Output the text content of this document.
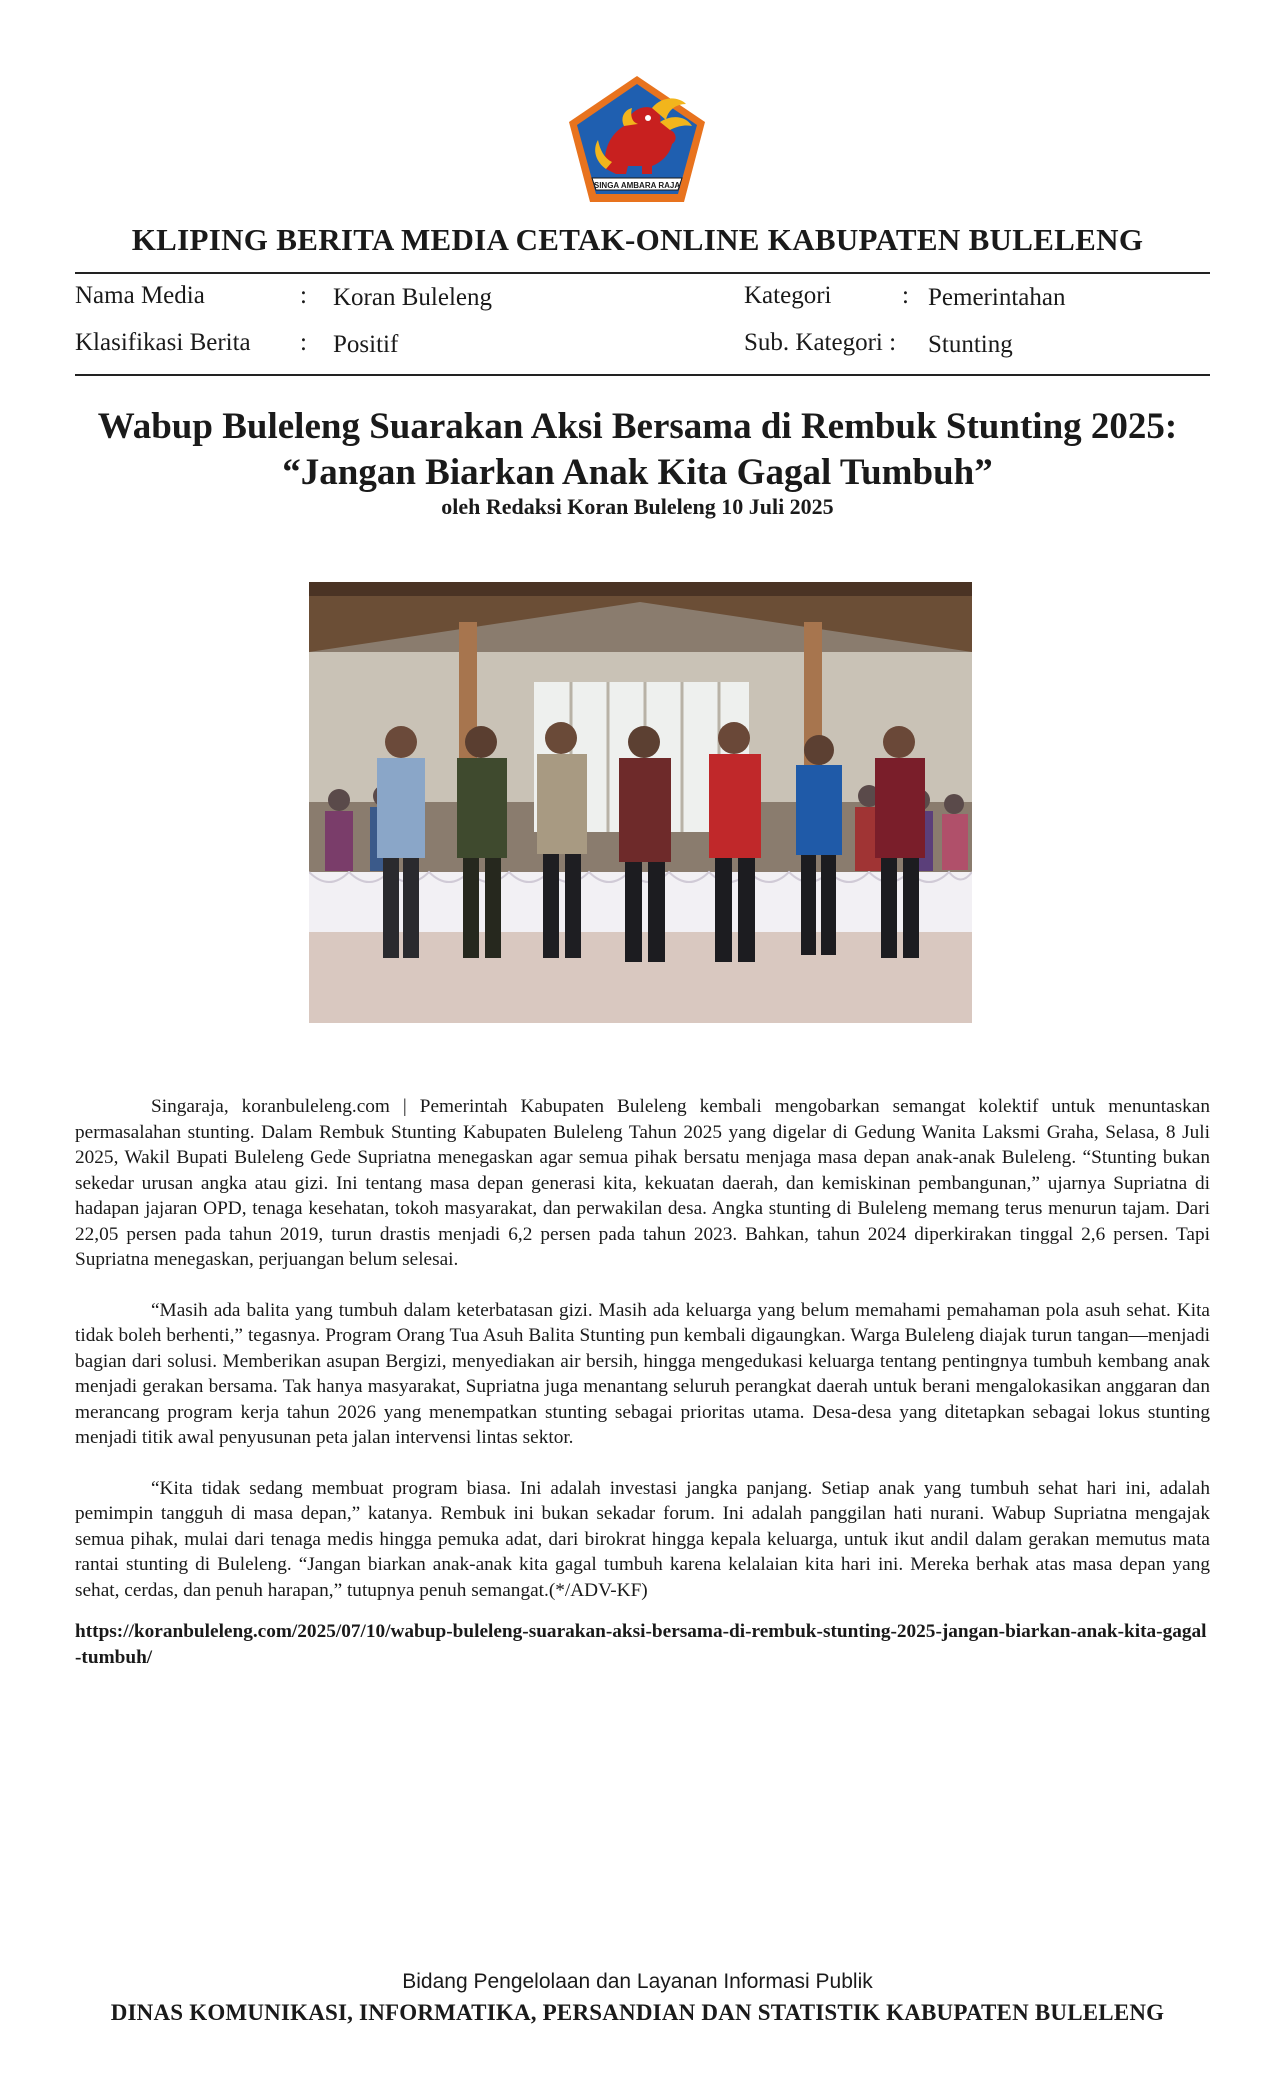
SINGA AMBARA RAJA
KLIPING BERITA MEDIA CETAK-ONLINE KABUPATEN BULELENG
Nama Media	: Koran Buleleng	Kategori	: Pemerintahan
Klasifikasi Berita : Positif	Sub. Kategori : Stunting
Wabup Buleleng Suarakan Aksi Bersama di Rembuk Stunting 2025:
“Jangan Biarkan Anak Kita Gagal Tumbuh”
oleh Redaksi Koran Buleleng 10 Juli 2025

Singaraja, koranbuleleng.com | Pemerintah Kabupaten Buleleng kembali mengobarkan semangat kolektif untuk menuntaskan permasalahan stunting. Dalam Rembuk Stunting Kabupaten Buleleng Tahun 2025 yang digelar di Gedung Wanita Laksmi Graha, Selasa, 8 Juli 2025, Wakil Bupati Buleleng Gede Supriatna menegaskan agar semua pihak bersatu menjaga masa depan anak-anak Buleleng. “Stunting bukan sekedar urusan angka atau gizi. Ini tentang masa depan generasi kita, kekuatan daerah, dan kemiskinan pembangunan,” ujarnya Supriatna di hadapan jajaran OPD, tenaga kesehatan, tokoh masyarakat, dan perwakilan desa. Angka stunting di Buleleng memang terus menurun tajam. Dari 22,05 persen pada tahun 2019, turun drastis menjadi 6,2 persen pada tahun 2023. Bahkan, tahun 2024 diperkirakan tinggal 2,6 persen. Tapi Supriatna menegaskan, perjuangan belum selesai.

“Masih ada balita yang tumbuh dalam keterbatasan gizi. Masih ada keluarga yang belum memahami pemahaman pola asuh sehat. Kita tidak boleh berhenti,” tegasnya. Program Orang Tua Asuh Balita Stunting pun kembali digaungkan. Warga Buleleng diajak turun tangan—menjadi bagian dari solusi. Memberikan asupan Bergizi, menyediakan air bersih, hingga mengedukasi keluarga tentang pentingnya tumbuh kembang anak menjadi gerakan bersama. Tak hanya masyarakat, Supriatna juga menantang seluruh perangkat daerah untuk berani mengalokasikan anggaran dan merancang program kerja tahun 2026 yang menempatkan stunting sebagai prioritas utama. Desa-desa yang ditetapkan sebagai lokus stunting menjadi titik awal penyusunan peta jalan intervensi lintas sektor.

“Kita tidak sedang membuat program biasa. Ini adalah investasi jangka panjang. Setiap anak yang tumbuh sehat hari ini, adalah pemimpin tangguh di masa depan,” katanya. Rembuk ini bukan sekadar forum. Ini adalah panggilan hati nurani. Wabup Supriatna mengajak semua pihak, mulai dari tenaga medis hingga pemuka adat, dari birokrat hingga kepala keluarga, untuk ikut andil dalam gerakan memutus mata rantai stunting di Buleleng. “Jangan biarkan anak-anak kita gagal tumbuh karena kelalaian kita hari ini. Mereka berhak atas masa depan yang sehat, cerdas, dan penuh harapan,” tutupnya penuh semangat.(*/ADV-KF)

https://koranbuleleng.com/2025/07/10/wabup-buleleng-suarakan-aksi-bersama-di-rembuk-stunting-2025-jangan-biarkan-anak-kita-gagal-tumbuh/
Bidang Pengelolaan dan Layanan Informasi Publik
DINAS KOMUNIKASI, INFORMATIKA, PERSANDIAN DAN STATISTIK KABUPATEN BULELENG
